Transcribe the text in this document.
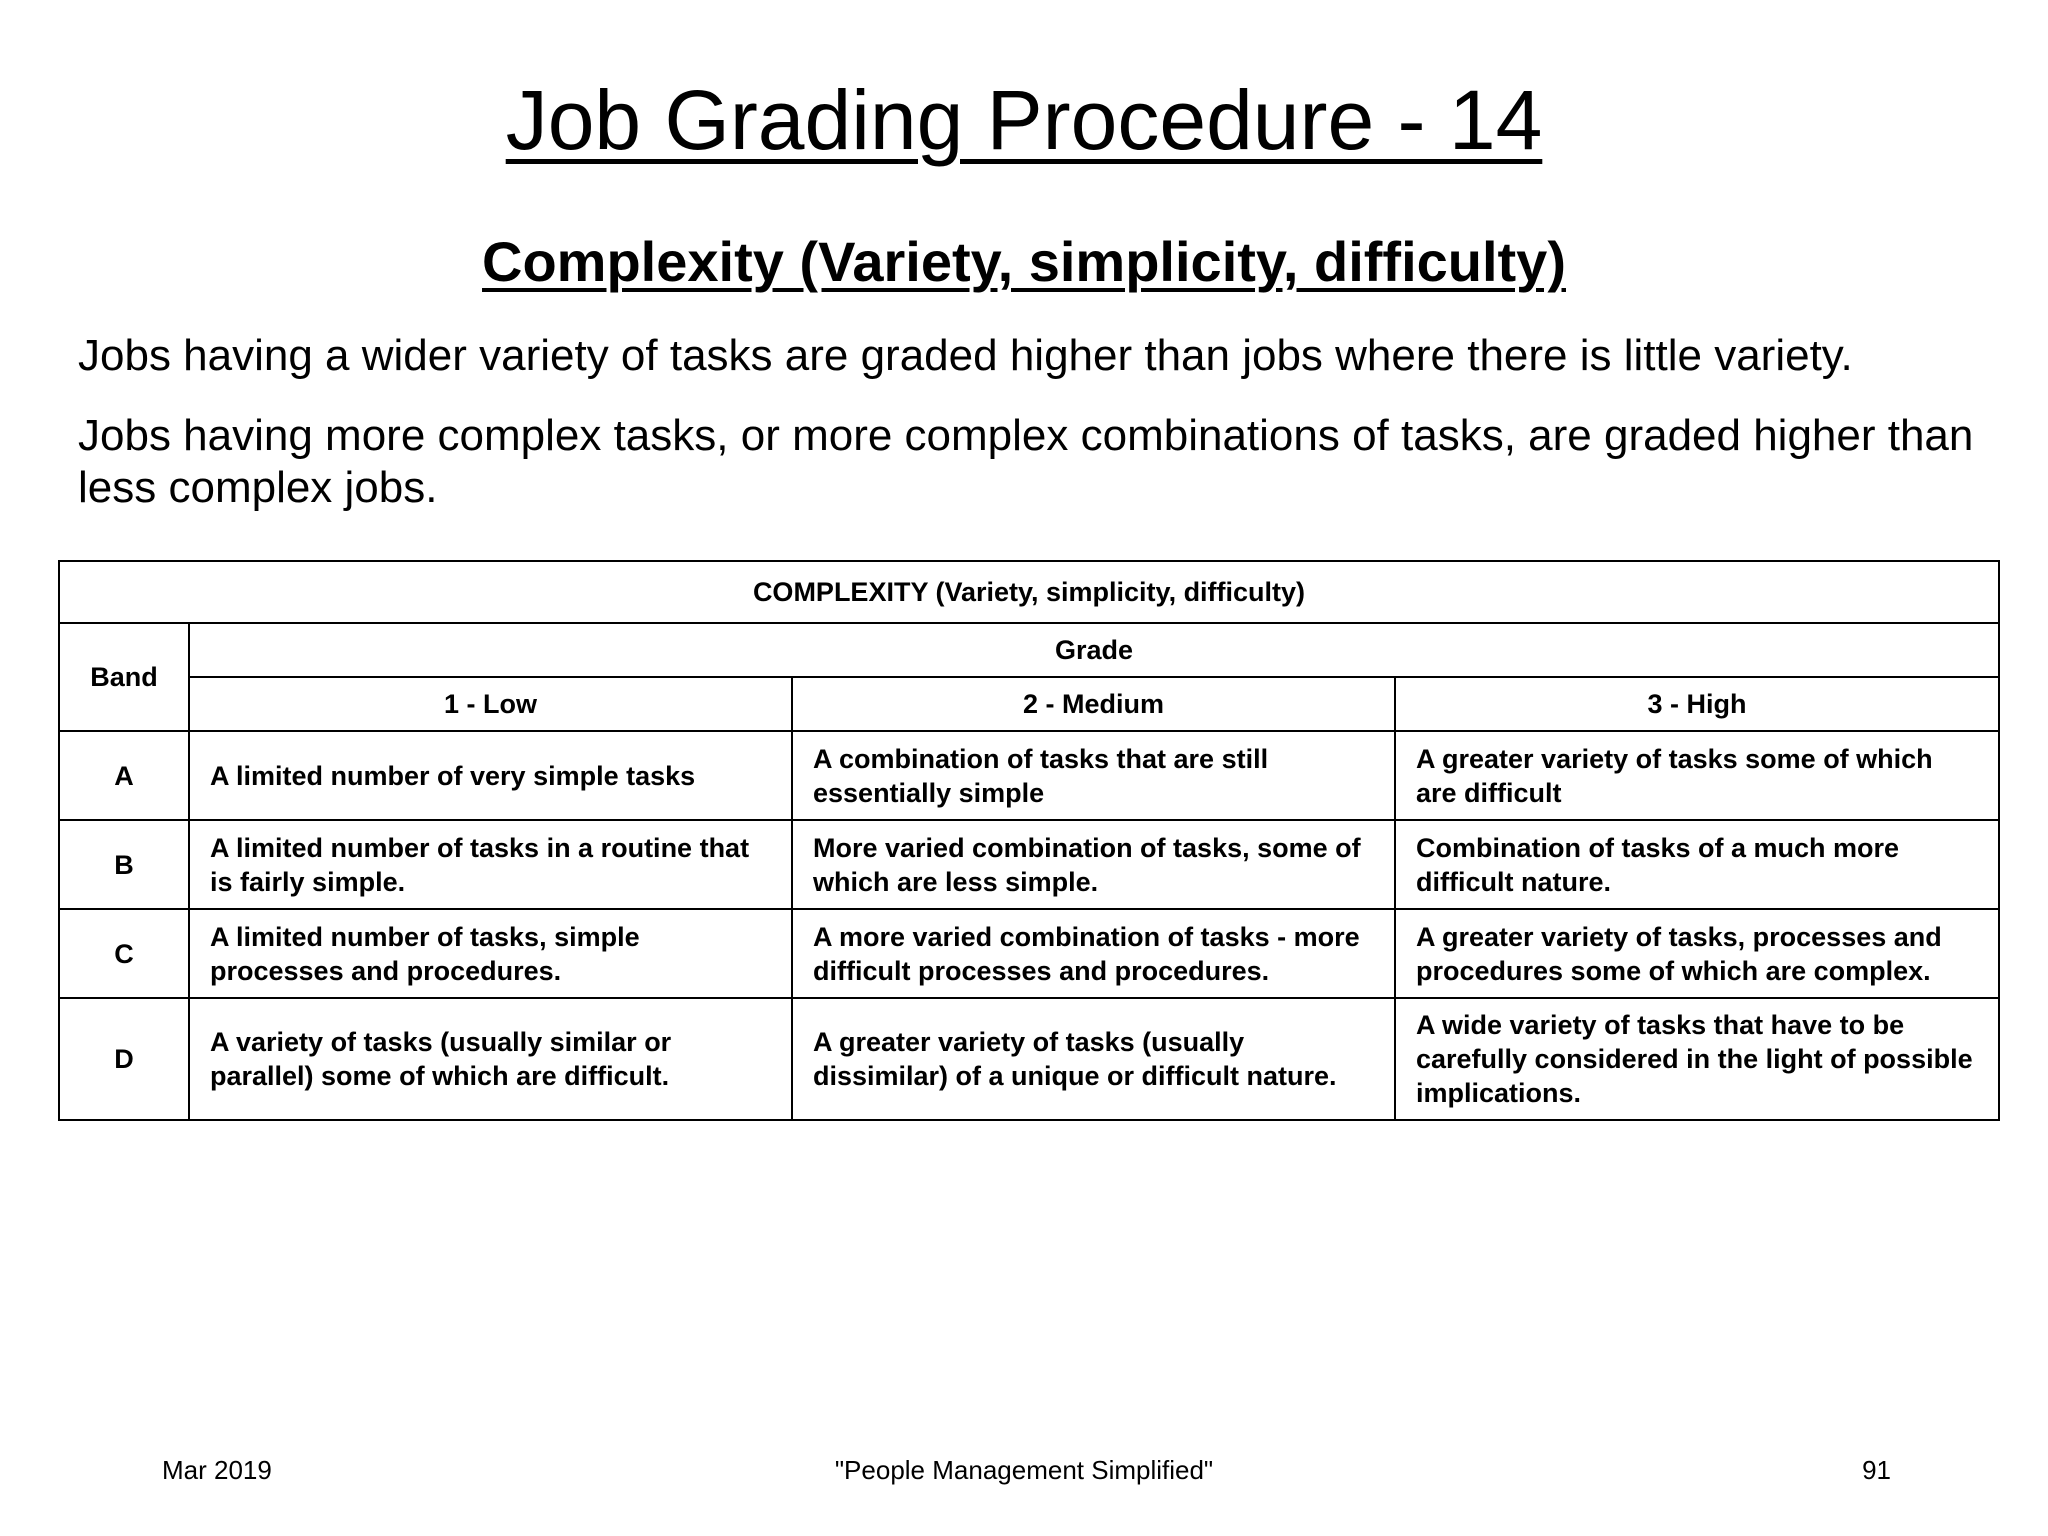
Job Grading Procedure - 14
Complexity (Variety, simplicity, difficulty)

Jobs having a wider variety of tasks are graded higher than jobs where there is little variety.

Jobs having more complex tasks, or more complex combinations of tasks, are graded higher than less complex jobs.

COMPLEXITY (Variety, simplicity, difficulty)			
Band	Grade		
	1 - Low	2 - Medium	3 - High
A	A limited number of very simple tasks	A combination of tasks that are still essentially simple	A greater variety of tasks some of which are difficult
B	A limited number of tasks in a routine that is fairly simple.	More varied combination of tasks, some of which are less simple.	Combination of tasks of a much more difficult nature.
C	A limited number of tasks, simple processes and procedures.	A more varied combination of tasks - more difficult processes and procedures.	A greater variety of tasks, processes and procedures some of which are complex.
D	A variety of tasks (usually similar or parallel) some of which are difficult.	A greater variety of tasks (usually dissimilar) of a unique or difficult nature.	A wide variety of tasks that have to be carefully considered in the light of possible implications.

Mar 2019	"People Management Simplified"	91
